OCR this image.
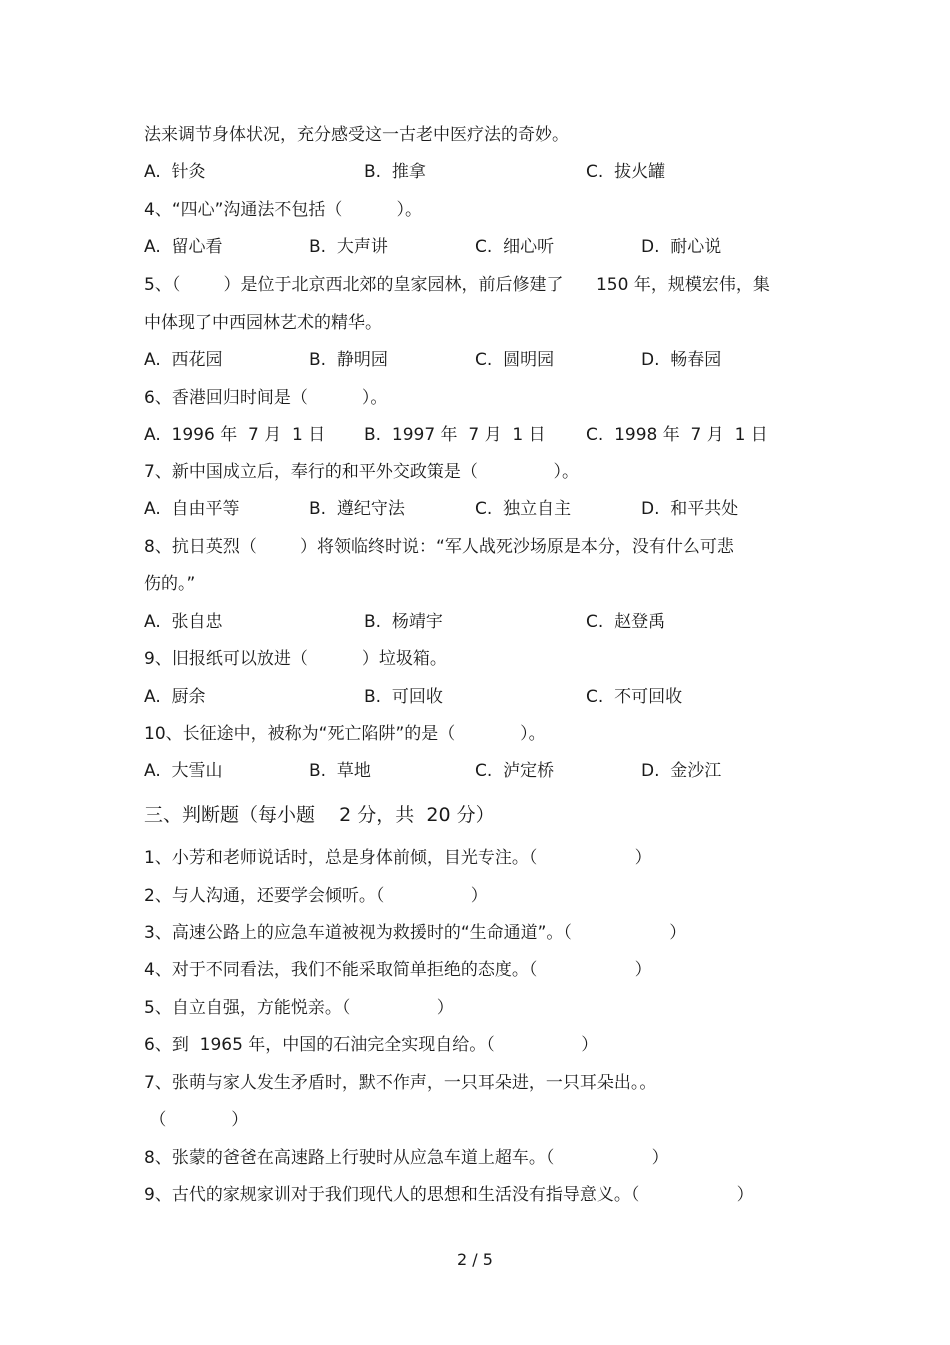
法来调节身体状况，充分感受这一古老中医疗法的奇妙。
A.  针灸	B.  推拿	C.  拔火罐
4、“四心”沟通法不包括（          ）。
A.  留心看	B.  大声讲	C.  细心听	D.  耐心说
5、（        ）是位于北京西北郊的皇家园林，前后修建了      150 年，规模宏伟，集
中体现了中西园林艺术的精华。
A.  西花园	B.  静明园	C.  圆明园	D.  畅春园
6、香港回归时间是（          ）。
A.  1996 年  7 月  1 日 B.  1997 年  7 月  1 日 C.  1998 年  7 月  1 日
7、新中国成立后，奉行的和平外交政策是（              ）。
A.  自由平等	B.  遵纪守法	C.  独立自主	D.  和平共处
8、抗日英烈（        ）将领临终时说：“军人战死沙场原是本分，没有什么可悲
伤的。”
A.  张自忠	B.  杨靖宇	C.  赵登禹
9、旧报纸可以放进（          ）垃圾箱。
A.  厨余	B.  可回收	C.  不可回收
10、长征途中，被称为“死亡陷阱”的是（            ）。
A.  大雪山	B.  草地	C.  泸定桥	D.  金沙江
三、判断题（每小题    2 分，共  20 分）
1、小芳和老师说话时，总是身体前倾，目光专注。（                  ）
2、与人沟通，还要学会倾听。（                ）
3、高速公路上的应急车道被视为救援时的“生命通道”。（                  ）
4、对于不同看法，我们不能采取简单拒绝的态度。（                  ）
5、自立自强，方能悦亲。（                ）
6、到  1965 年，中国的石油完全实现自给。（                ）
7、张萌与家人发生矛盾时，默不作声，一只耳朵进，一只耳朵出。。
（            ）
8、张蒙的爸爸在高速路上行驶时从应急车道上超车。（                  ）
9、古代的家规家训对于我们现代人的思想和生活没有指导意义。（                  ）
2 / 5
